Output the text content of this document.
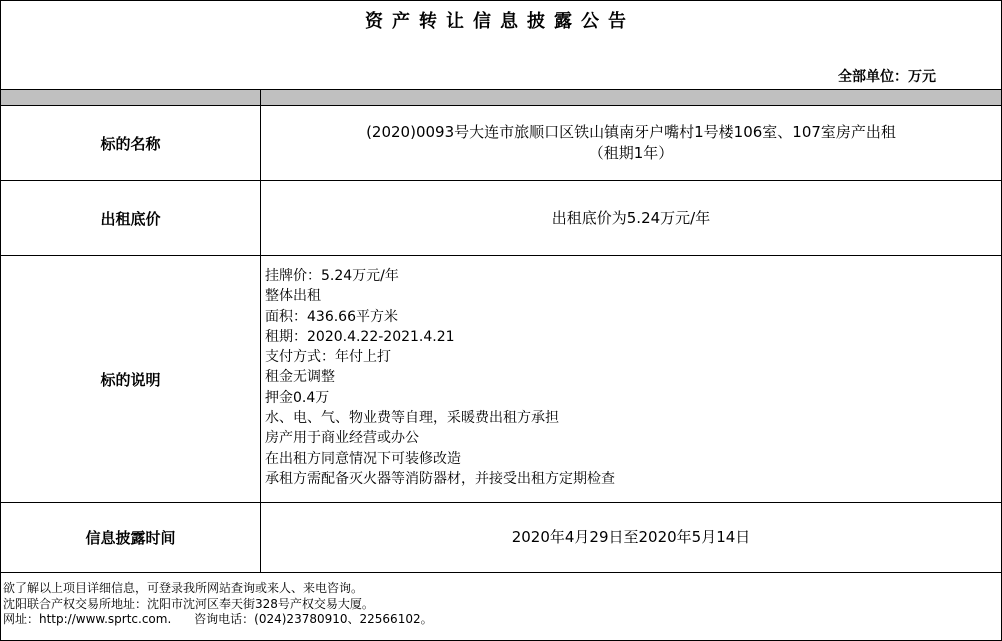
资产转让信息披露公告
全部单位：万元
标的名称
(2020)0093号大连市旅顺口区铁山镇南牙户嘴村1号楼106室、107室房产出租
（租期1年）
出租底价	出租底价为5.24万元/年
标的说明
挂牌价：5.24万元/年
整体出租
面积：436.66平方米
租期：2020.4.22-2021.4.21
支付方式：年付上打
租金无调整
押金0.4万
水、电、气、物业费等自理，采暖费出租方承担
房产用于商业经营或办公
在出租方同意情况下可装修改造
承租方需配备灭火器等消防器材，并接受出租方定期检查
信息披露时间	2020年4月29日至2020年5月14日
欲了解以上项目详细信息，可登录我所网站查询或来人、来电咨询。
沈阳联合产权交易所地址：沈阳市沈河区奉天街328号产权交易大厦。
网址：http://www.sprtc.com.      咨询电话：(024)23780910、22566102。
